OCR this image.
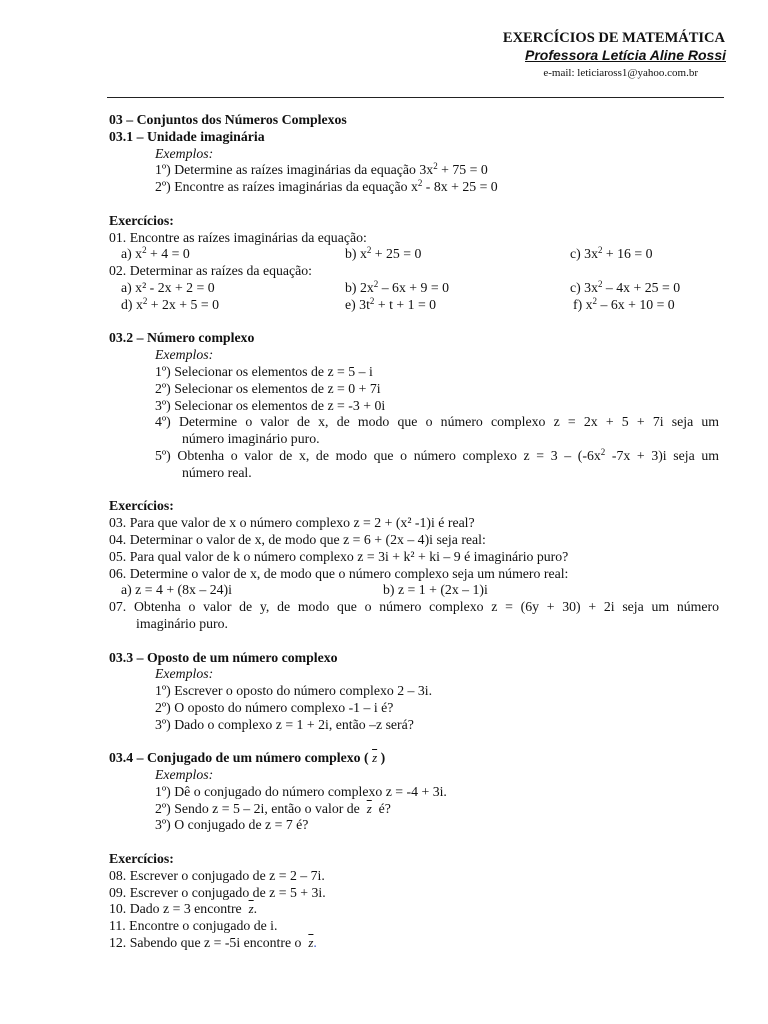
EXERCÍCIOS DE MATEMÁTICA
Professora Letícia Aline Rossi
e-mail: leticiaross1@yahoo.com.br
03 – Conjuntos dos Números Complexos
03.1 – Unidade imaginária
Exemplos:
1º) Determine as raízes imaginárias da equação $3x^2 + 75 = 0$
2º) Encontre as raízes imaginárias da equação $x^2 - 8x + 25 = 0$
Exercícios:
01. Encontre as raízes imaginárias da equação:
a) $x^2 + 4 = 0$	b) $x^2 + 25 = 0$	c) $3x^2 + 16 = 0$
02. Determinar as raízes da equação:
a) x² - 2x + 2 = 0	b) $2x^2 - 6x + 9 = 0$	c) $3x^2 - 4x + 25 = 0$
d) $x^2 + 2x + 5 = 0$	e) $3t^2 + t + 1 = 0$	f) $x^2 - 6x + 10 = 0$
03.2 – Número complexo
Exemplos:
1º) Selecionar os elementos de z = 5 – i
2º) Selecionar os elementos de z = 0 + 7i
3º) Selecionar os elementos de z = -3 + 0i
4º) Determine o valor de x, de modo que o número complexo z = 2x + 5 + 7i seja um
número imaginário puro.
5º) Obtenha o valor de x, de modo que o número complexo $z = 3 - (-6x^2$ -7x + 3)i seja um
número real.
Exercícios:
03. Para que valor de x o número complexo z = 2 + (x² -1)i é real?
04. Determinar o valor de x, de modo que z = 6 + (2x – 4)i seja real:
05. Para qual valor de k o número complexo z = 3i + k² + ki – 9 é imaginário puro?
06. Determine o valor de x, de modo que o número complexo seja um número real:
a) z = 4 + (8x – 24)i	b) z = 1 + (2x – 1)i
07. Obtenha o valor de y, de modo que o número complexo z = (6y + 30) + 2i seja um número
imaginário puro.
03.3 – Oposto de um número complexo
Exemplos:
1º) Escrever o oposto do número complexo 2 – 3i.
2º) O oposto do número complexo -1 – i é?
3º) Dado o complexo z = 1 + 2i, então –z será?
03.4 – Conjugado de um número complexo ( $\overline{z}$ )
Exemplos:
1º) Dê o conjugado do número complexo z = -4 + 3i.
2º) Sendo z = 5 – 2i, então o valor de $\overline{z}$ é?
3º) O conjugado de z = 7 é?
Exercícios:
08. Escrever o conjugado de z = 2 – 7i.
09. Escrever o conjugado de z = 5 + 3i.
10. Dado z = 3 encontre $\overline{z}$.
11. Encontre o conjugado de i.
12. Sabendo que z = -5i encontre o $\overline{z}$.
